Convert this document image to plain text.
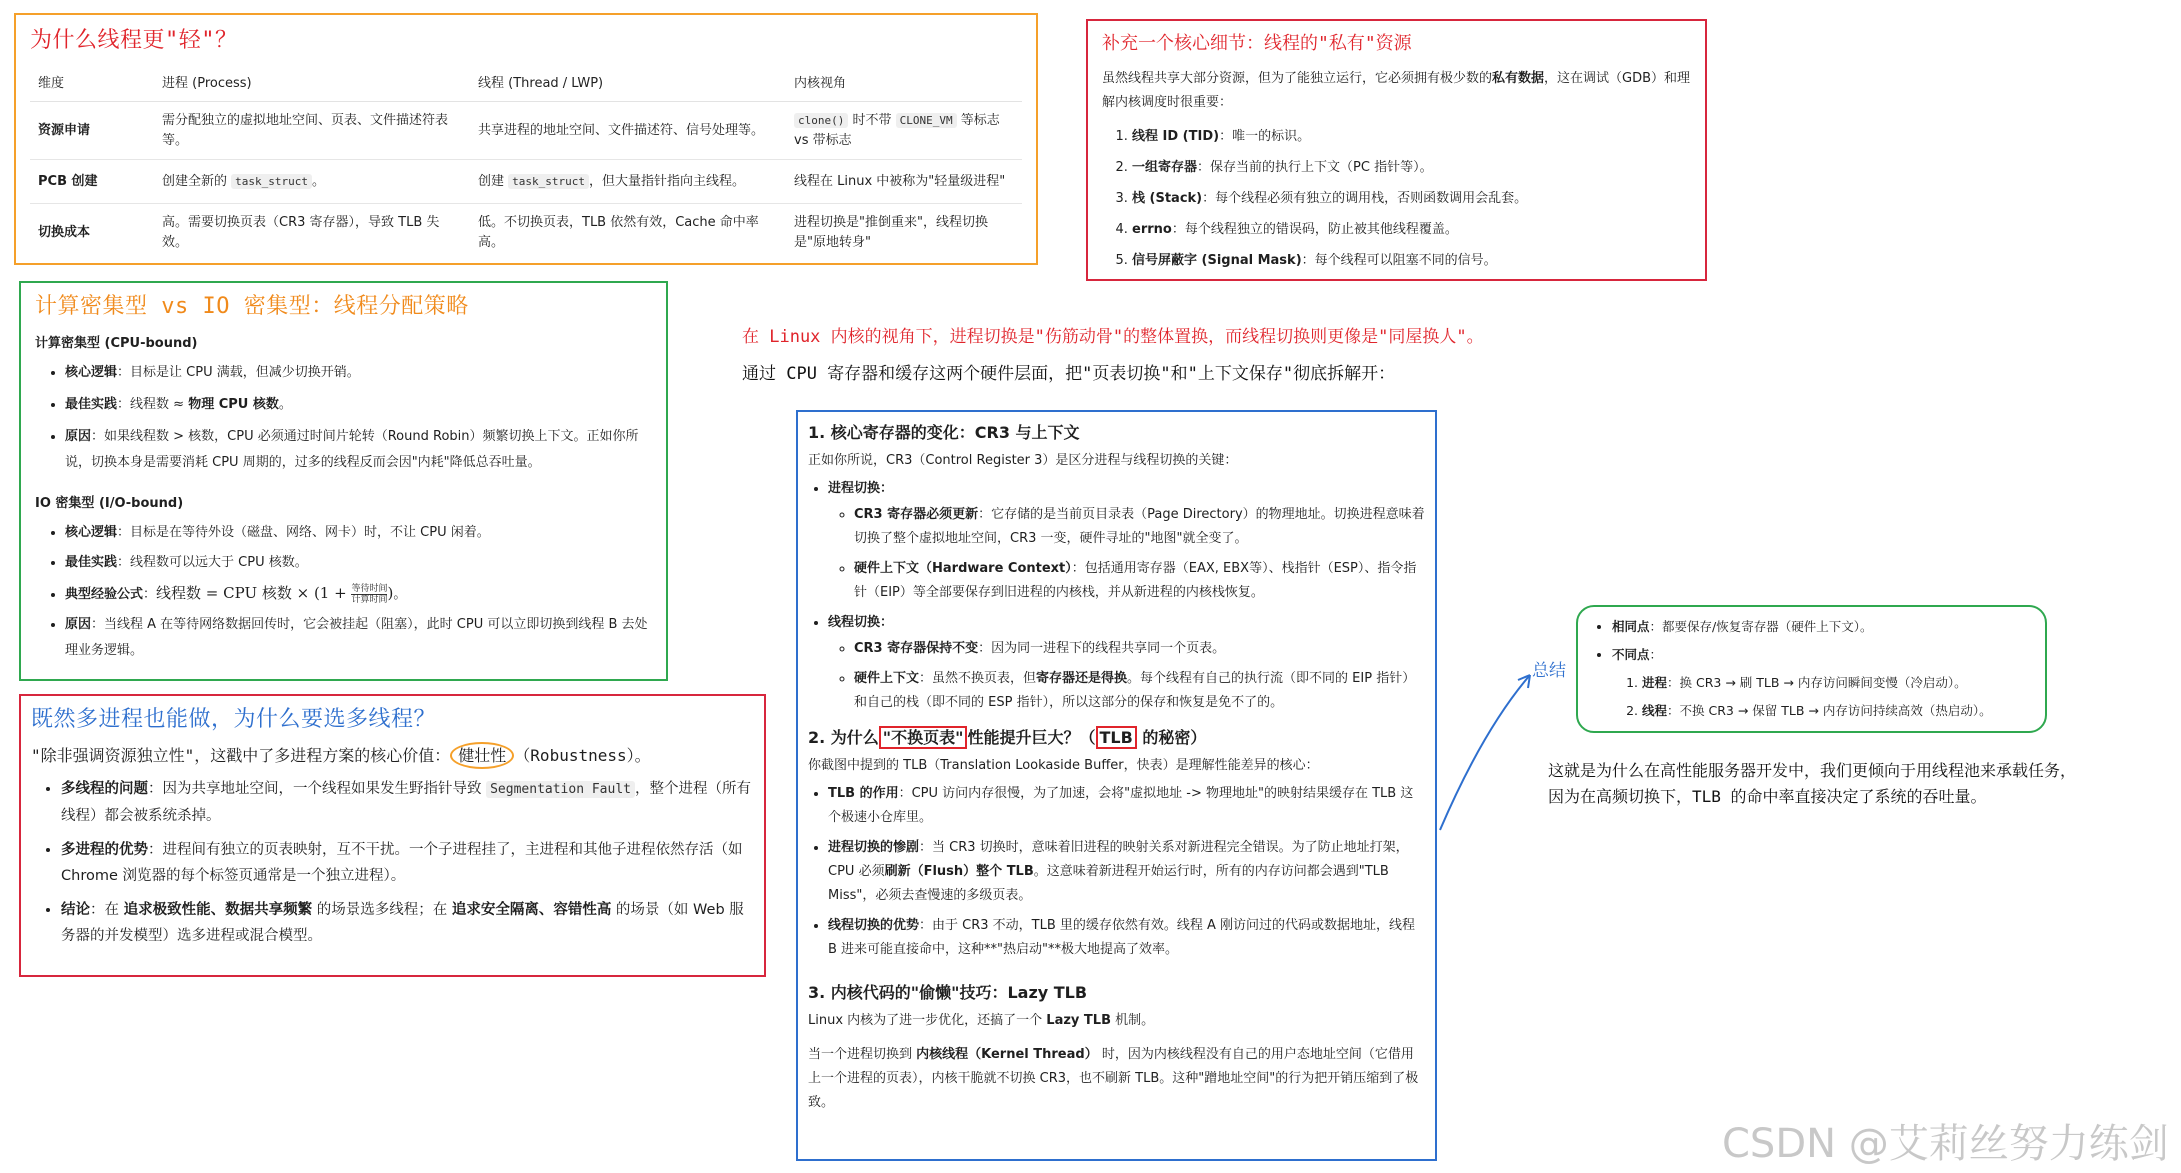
为什么线程更"轻"？
维度	进程 (Process)	线程 (Thread / LWP)	内核视角
资源申请	需分配独立的虚拟地址空间、页表、文件描述符表等。	共享进程的地址空间、文件描述符、信号处理等。	clone() 时不带 CLONE_VM 等标志 vs 带标志
PCB 创建	创建全新的 task_struct 。	创建 task_struct ，但大量指针指向主线程。	线程在 Linux 中被称为"轻量级进程"
切换成本	高。需要切换页表（CR3 寄存器），导致 TLB 失效。	低。不切换页表，TLB 依然有效，Cache 命中率高。	进程切换是"推倒重来"，线程切换是"原地转身"
补充一个核心细节：线程的"私有"资源
虽然线程共享大部分资源，但为了能独立运行，它必须拥有极少数的私有数据，这在调试（GDB）和理解内核调度时很重要：
1. 线程 ID (TID)：唯一的标识。
2. 一组寄存器：保存当前的执行上下文（PC 指针等）。
3. 栈 (Stack)：每个线程必须有独立的调用栈，否则函数调用会乱套。
4. errno：每个线程独立的错误码，防止被其他线程覆盖。
5. 信号屏蔽字 (Signal Mask)：每个线程可以阻塞不同的信号。
计算密集型 vs IO 密集型：线程分配策略
计算密集型 (CPU-bound)
• 核心逻辑：目标是让 CPU 满载，但减少切换开销。
• 最佳实践：线程数 ≈ 物理 CPU 核数。
• 原因：如果线程数 > 核数，CPU 必须通过时间片轮转（Round Robin）频繁切换上下文。正如你所说，切换本身是需要消耗 CPU 周期的，过多的线程反而会因"内耗"降低总吞吐量。
IO 密集型 (I/O-bound)
• 核心逻辑：目标是在等待外设（磁盘、网络、网卡）时，不让 CPU 闲着。
• 最佳实践：线程数可以远大于 CPU 核数。
• 典型经验公式：线程数 = CPU 核数 × (1 + 等待时间
计算时间 )。
• 原因：当线程 A 在等待网络数据回传时，它会被挂起（阻塞），此时 CPU 可以立即切换到线程 B 去处理业务逻辑。
既然多进程也能做，为什么要选多线程？
"除非强调资源独立性"，这戳中了多进程方案的核心价值： 健壮性 （Robustness）。
• 多线程的问题：因为共享地址空间，一个线程如果发生野指针导致 Segmentation Fault ，整个进程（所有线程）都会被系统杀掉。
• 多进程的优势：进程间有独立的页表映射，互不干扰。一个子进程挂了，主进程和其他子进程依然存活（如 Chrome 浏览器的每个标签页通常是一个独立进程）。
• 结论：在 追求极致性能、数据共享频繁 的场景选多线程；在 追求安全隔离、容错性高 的场景（如 Web 服务器的并发模型）选多进程或混合模型。
在 Linux 内核的视角下，进程切换是"伤筋动骨"的整体置换，而线程切换则更像是"同屋换人"。
通过 CPU 寄存器和缓存这两个硬件层面，把"页表切换"和"上下文保存"彻底拆解开：
1. 核心寄存器的变化：CR3 与上下文
正如你所说，CR3（Control Register 3）是区分进程与线程切换的关键：
• 进程切换：
◦ CR3 寄存器必须更新：它存储的是当前页目录表（Page Directory）的物理地址。切换进程意味着切换了整个虚拟地址空间，CR3 一变，硬件寻址的"地图"就全变了。
◦ 硬件上下文（Hardware Context）：包括通用寄存器（EAX, EBX等）、栈指针（ESP）、指令指针（EIP）等全部要保存到旧进程的内核栈，并从新进程的内核栈恢复。
• 线程切换：
◦ CR3 寄存器保持不变：因为同一进程下的线程共享同一个页表。
◦ 硬件上下文：虽然不换页表，但寄存器还是得换。每个线程有自己的执行流（即不同的 EIP 指针）和自己的栈（即不同的 ESP 指针），所以这部分的保存和恢复是免不了的。
2. 为什么 "不换页表" 性能提升巨大？（ TLB 的秘密）
你截图中提到的 TLB（Translation Lookaside Buffer，快表）是理解性能差异的核心：
• TLB 的作用：CPU 访问内存很慢，为了加速，会将"虚拟地址 -> 物理地址"的映射结果缓存在 TLB 这个极速小仓库里。
• 进程切换的惨剧：当 CR3 切换时，意味着旧进程的映射关系对新进程完全错误。为了防止地址打架，CPU 必须刷新（Flush）整个 TLB。这意味着新进程开始运行时，所有的内存访问都会遇到"TLB Miss"，必须去查慢速的多级页表。
• 线程切换的优势：由于 CR3 不动，TLB 里的缓存依然有效。线程 A 刚访问过的代码或数据地址，线程 B 进来可能直接命中，这种**"热启动"**极大地提高了效率。
3. 内核代码的"偷懒"技巧：Lazy TLB
Linux 内核为了进一步优化，还搞了一个 Lazy TLB 机制。
当一个进程切换到 内核线程（Kernel Thread） 时，因为内核线程没有自己的用户态地址空间（它借用上一个进程的页表），内核干脆就不切换 CR3，也不刷新 TLB。这种"蹭地址空间"的行为把开销压缩到了极致。
总结
• 相同点：都要保存/恢复寄存器（硬件上下文）。
• 不同点：
1. 进程：换 CR3 → 刷 TLB → 内存访问瞬间变慢（冷启动）。
2. 线程：不换 CR3 → 保留 TLB → 内存访问持续高效（热启动）。
这就是为什么在高性能服务器开发中，我们更倾向于用线程池来承载任务，
因为在高频切换下，TLB 的命中率直接决定了系统的吞吐量。
CSDN @艾莉丝努力练剑
